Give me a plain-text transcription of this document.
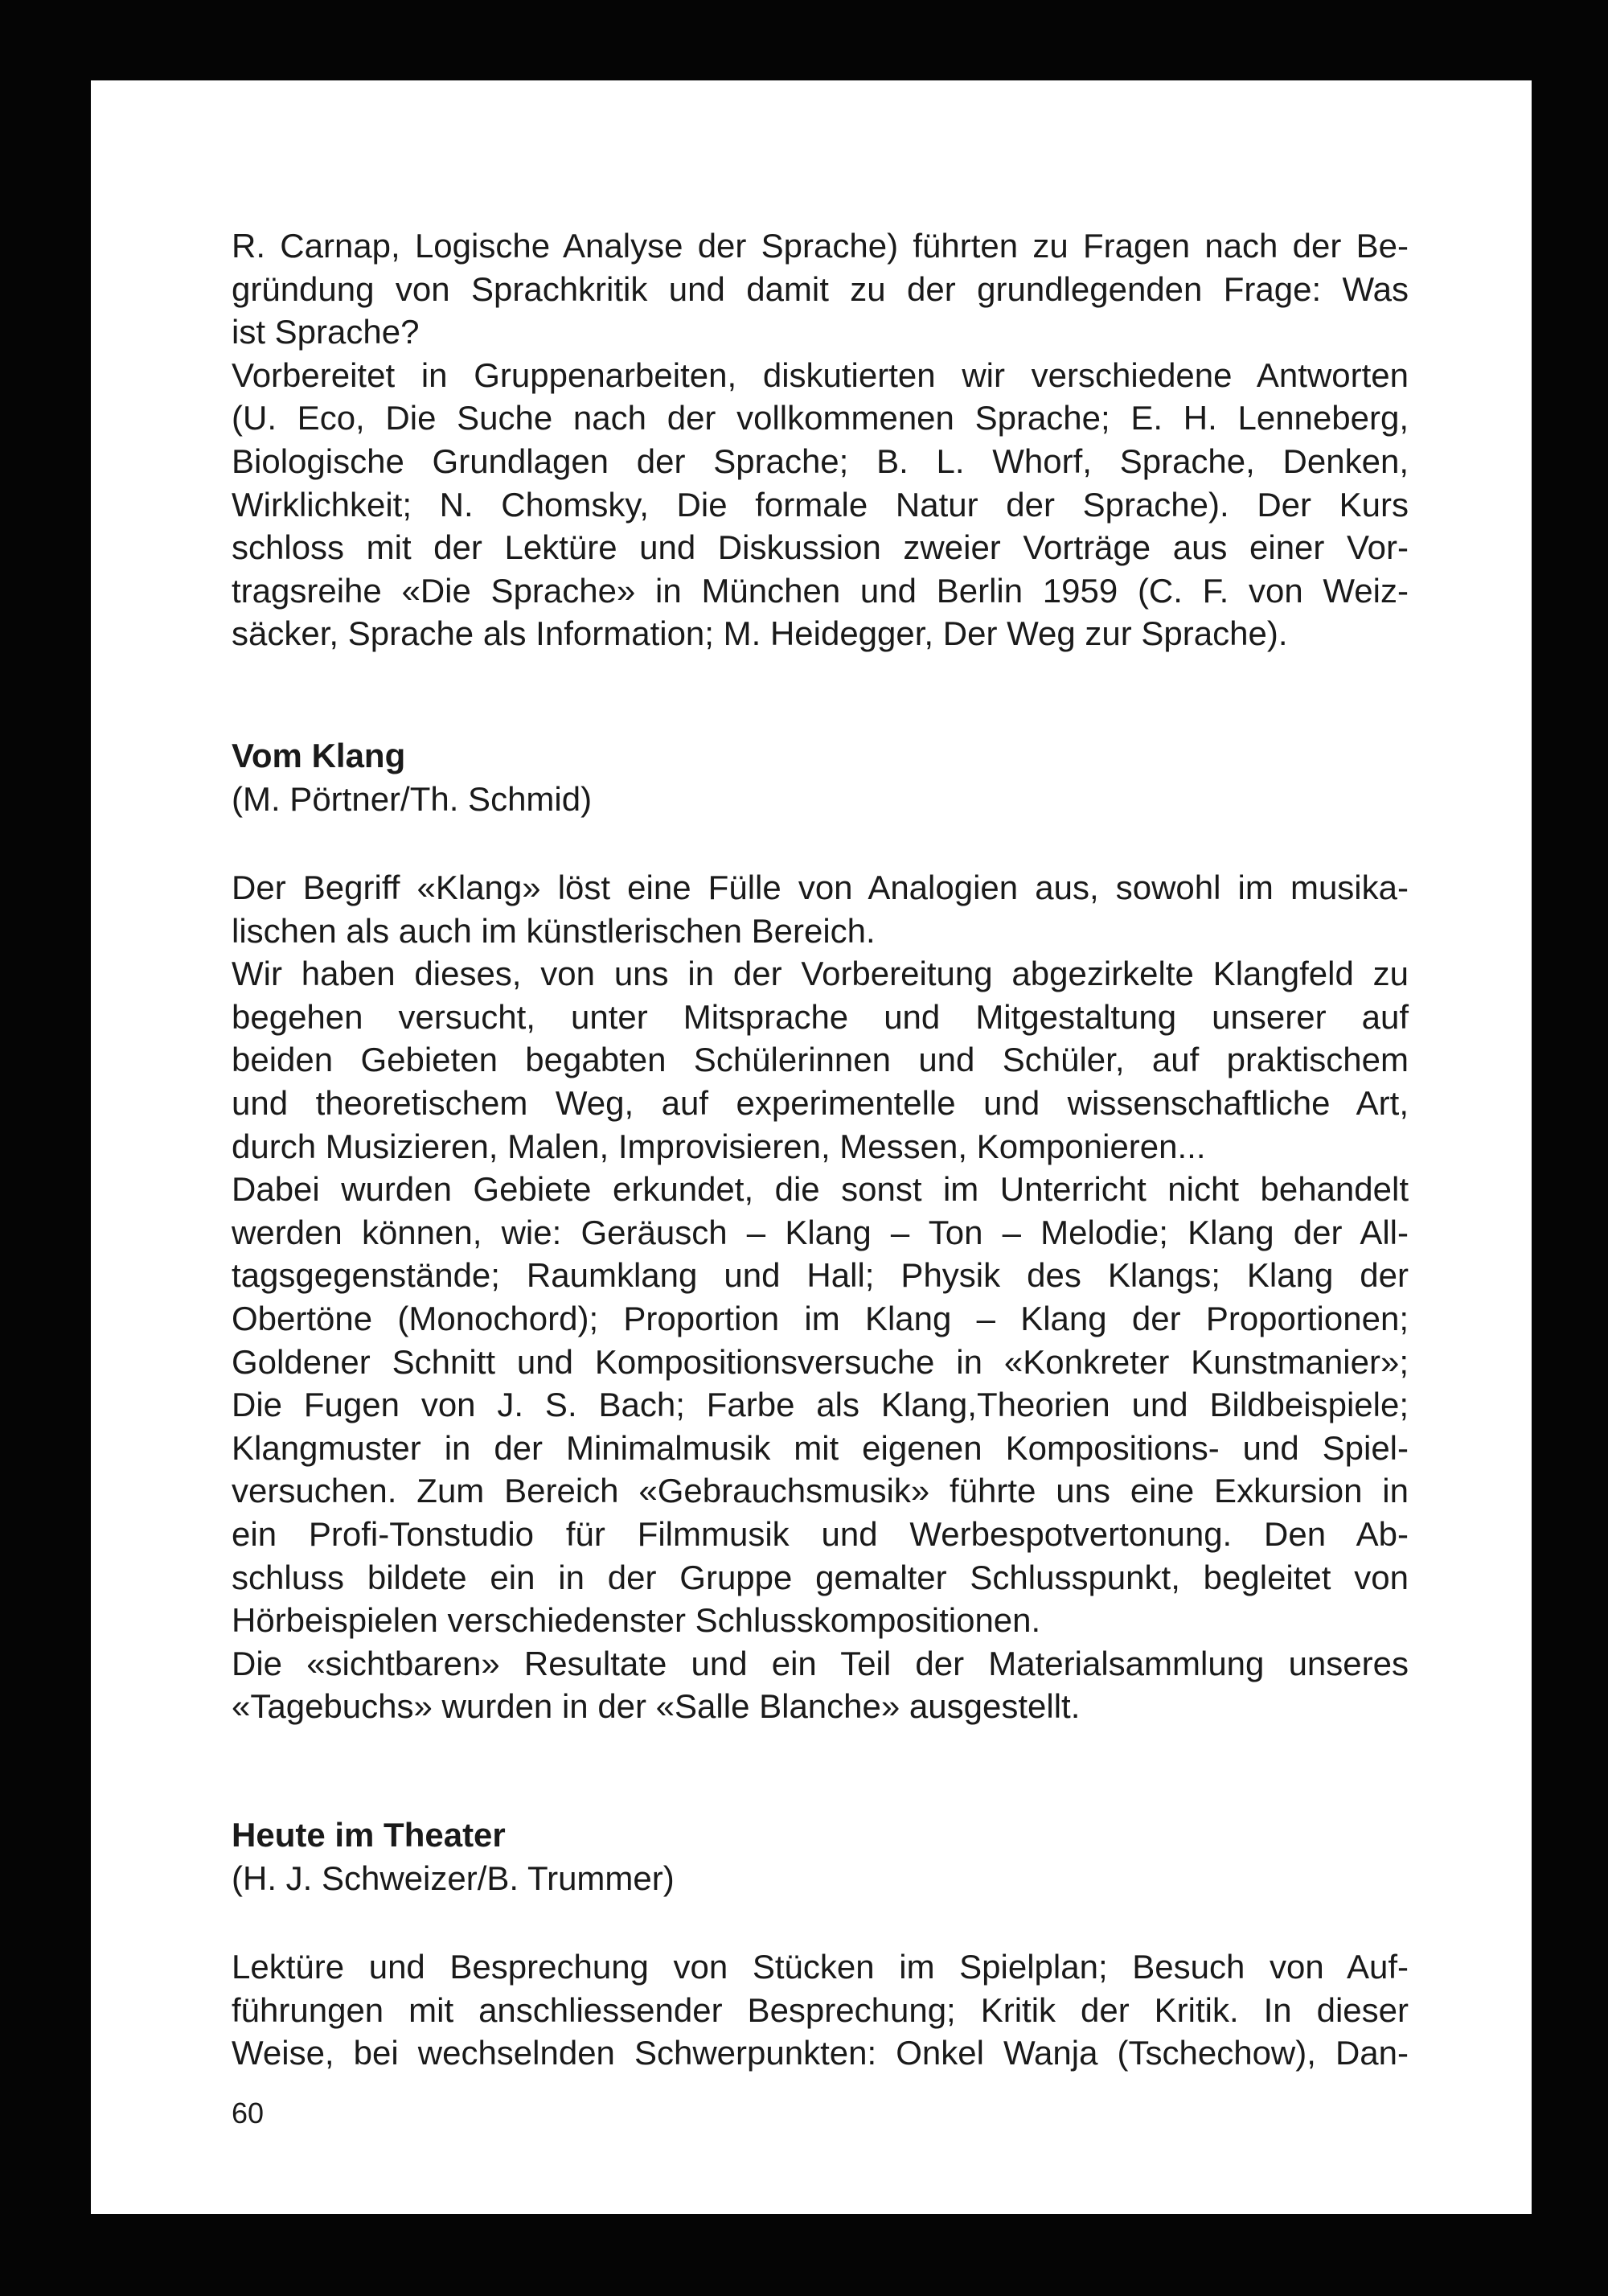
R. Carnap, Logische Analyse der Sprache) führten zu Fragen nach der Be-
gründung von Sprachkritik und damit zu der grundlegenden Frage: Was
ist Sprache?
Vorbereitet in Gruppenarbeiten, diskutierten wir verschiedene Antworten
(U. Eco, Die Suche nach der vollkommenen Sprache; E. H. Lenneberg,
Biologische Grundlagen der Sprache; B. L. Whorf, Sprache, Denken,
Wirklichkeit; N. Chomsky, Die formale Natur der Sprache). Der Kurs
schloss mit der Lektüre und Diskussion zweier Vorträge aus einer Vor-
tragsreihe «Die Sprache» in München und Berlin 1959 (C. F. von Weiz-
säcker, Sprache als Information; M. Heidegger, Der Weg zur Sprache).
Vom Klang
(M. Pörtner/Th. Schmid)
Der Begriff «Klang» löst eine Fülle von Analogien aus, sowohl im musika-
lischen als auch im künstlerischen Bereich.
Wir haben dieses, von uns in der Vorbereitung abgezirkelte Klangfeld zu
begehen versucht, unter Mitsprache und Mitgestaltung unserer auf
beiden Gebieten begabten Schülerinnen und Schüler, auf praktischem
und theoretischem Weg, auf experimentelle und wissenschaftliche Art,
durch Musizieren, Malen, Improvisieren, Messen, Komponieren...
Dabei wurden Gebiete erkundet, die sonst im Unterricht nicht behandelt
werden können, wie: Geräusch – Klang – Ton – Melodie; Klang der All-
tagsgegenstände; Raumklang und Hall; Physik des Klangs; Klang der
Obertöne (Monochord); Proportion im Klang – Klang der Proportionen;
Goldener Schnitt und Kompositionsversuche in «Konkreter Kunstmanier»;
Die Fugen von J. S. Bach; Farbe als Klang,Theorien und Bildbeispiele;
Klangmuster in der Minimalmusik mit eigenen Kompositions- und Spiel-
versuchen. Zum Bereich «Gebrauchsmusik» führte uns eine Exkursion in
ein Profi-Tonstudio für Filmmusik und Werbespotvertonung. Den Ab-
schluss bildete ein in der Gruppe gemalter Schlusspunkt, begleitet von
Hörbeispielen verschiedenster Schlusskompositionen.
Die «sichtbaren» Resultate und ein Teil der Materialsammlung unseres
«Tagebuchs» wurden in der «Salle Blanche» ausgestellt.
Heute im Theater
(H. J. Schweizer/B. Trummer)
Lektüre und Besprechung von Stücken im Spielplan; Besuch von Auf-
führungen mit anschliessender Besprechung; Kritik der Kritik. In dieser
Weise, bei wechselnden Schwerpunkten: Onkel Wanja (Tschechow), Dan-
60
